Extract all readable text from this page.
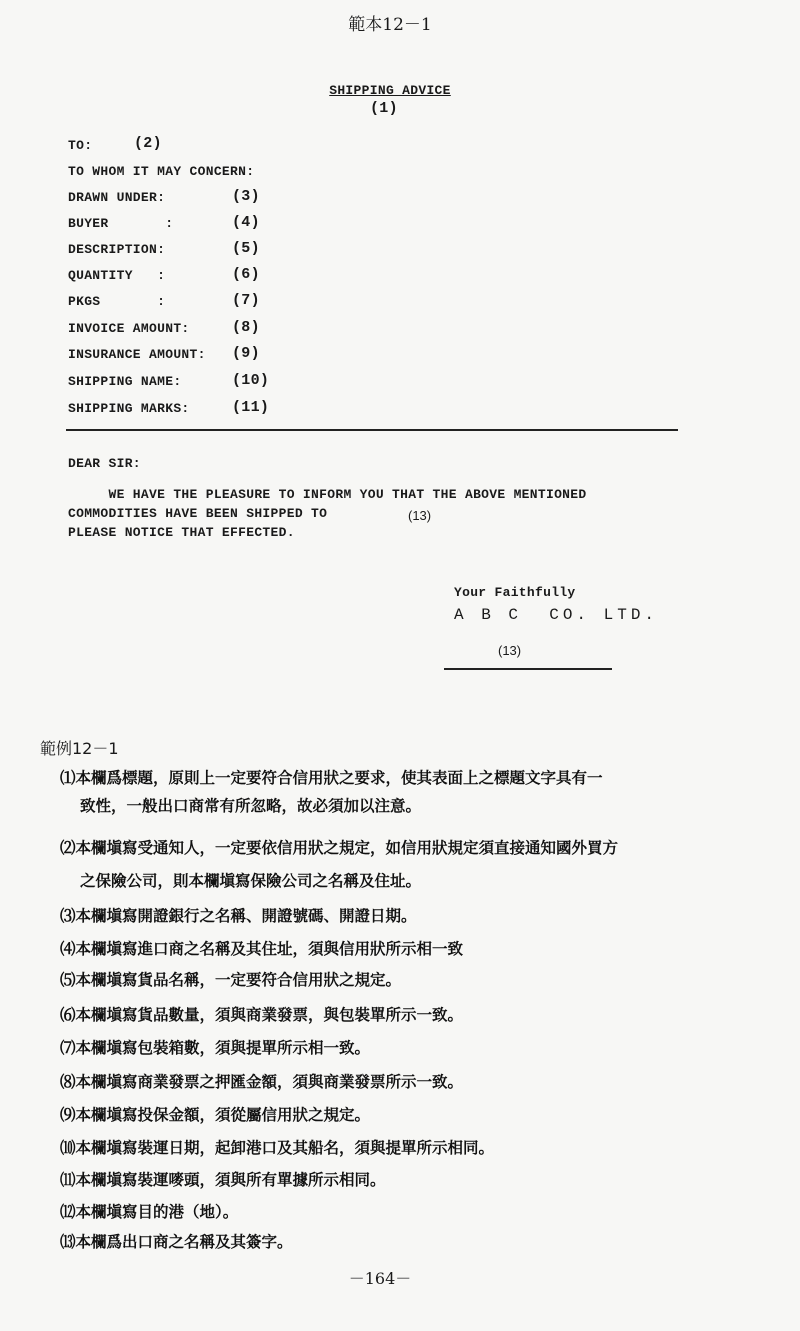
範本12－1
SHIPPING ADVICE
(1)
TO:	(2)
TO WHOM IT MAY CONCERN:
DRAWN UNDER:	(3)
BUYER       :	(4)
DESCRIPTION:	(5)
QUANTITY   :	(6)
PKGS       :	(7)
INVOICE AMOUNT:	(8)
INSURANCE AMOUNT: (9)
SHIPPING NAME:	(10)
SHIPPING MARKS:	(11)
DEAR SIR:
WE HAVE THE PLEASURE TO INFORM YOU THAT THE ABOVE MENTIONED
COMMODITIES HAVE BEEN SHIPPED TO	(13)
PLEASE NOTICE THAT EFFECTED.
Your Faithfully
A B C  CO. LTD.
(13)
範例12－1
⑴本欄爲標題，原則上一定要符合信用狀之要求，使其表面上之標題文字具有一
致性，一般出口商常有所忽略，故必須加以注意。
⑵本欄塡寫受通知人，一定要依信用狀之規定，如信用狀規定須直接通知國外買方
之保險公司，則本欄塡寫保險公司之名稱及住址。
⑶本欄塡寫開證銀行之名稱、開證號碼、開證日期。
⑷本欄塡寫進口商之名稱及其住址，須與信用狀所示相一致
⑸本欄塡寫貨品名稱，一定要符合信用狀之規定。
⑹本欄塡寫貨品數量，須與商業發票，與包裝單所示一致。
⑺本欄塡寫包裝箱數，須與提單所示相一致。
⑻本欄塡寫商業發票之押匯金額，須與商業發票所示一致。
⑼本欄塡寫投保金額，須從屬信用狀之規定。
⑽本欄塡寫裝運日期，起卸港口及其船名，須與提單所示相同。
⑾本欄塡寫裝運嘜頭，須與所有單據所示相同。
⑿本欄塡寫目的港（地）。
⒀本欄爲出口商之名稱及其簽字。
－164－
